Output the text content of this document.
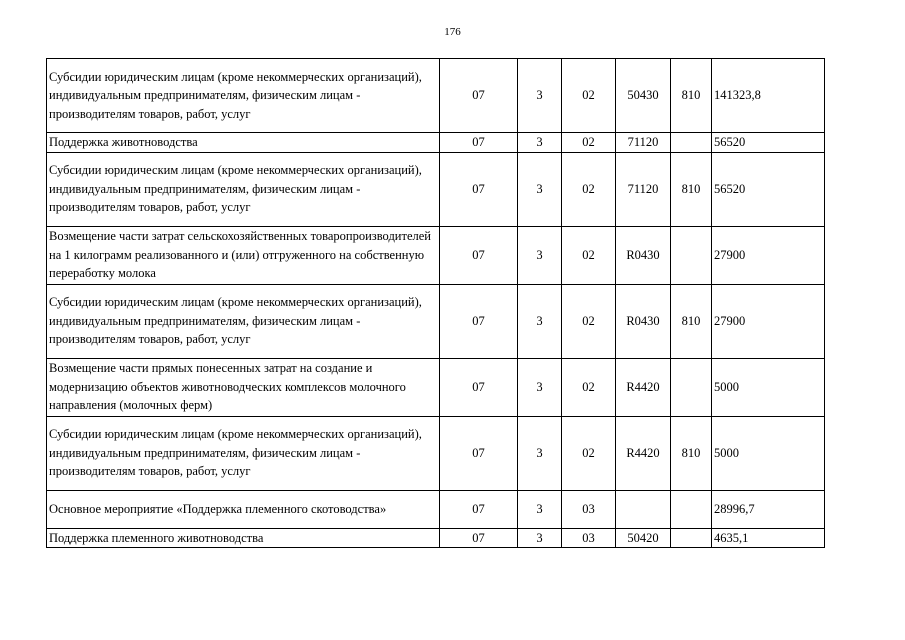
176
Субсидии юридическим лицам (кроме некоммерческих организаций), индивидуальным предпринимателям, физическим лицам - производителям товаров, работ, услуг	07	3	02	50430	810	141323,8
Поддержка животноводства	07	3	02	71120		56520
Субсидии юридическим лицам (кроме некоммерческих организаций), индивидуальным предпринимателям, физическим лицам - производителям товаров, работ, услуг	07	3	02	71120	810	56520
Возмещение части затрат сельскохозяйственных товаропроизводителей на 1 килограмм реализованного и (или) отгруженного на собственную переработку молока	07	3	02	R0430		27900
Субсидии юридическим лицам (кроме некоммерческих организаций), индивидуальным предпринимателям, физическим лицам - производителям товаров, работ, услуг	07	3	02	R0430	810	27900
Возмещение части прямых понесенных затрат на создание и модернизацию объектов животноводческих комплексов молочного направления (молочных ферм)	07	3	02	R4420		5000
Субсидии юридическим лицам (кроме некоммерческих организаций), индивидуальным предпринимателям, физическим лицам - производителям товаров, работ, услуг	07	3	02	R4420	810	5000
Основное мероприятие «Поддержка племенного скотоводства»	07	3	03			28996,7
Поддержка племенного животноводства	07	3	03	50420		4635,1
